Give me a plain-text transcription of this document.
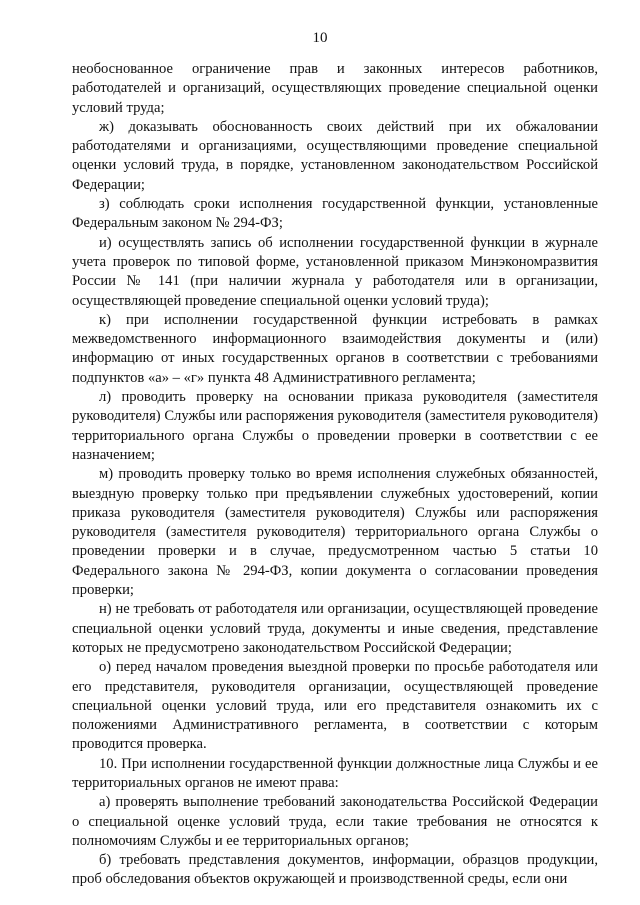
10

необоснованное ограничение прав и законных интересов работников, работодателей и организаций, осуществляющих проведение специальной оценки условий труда;

ж) доказывать обоснованность своих действий при их обжаловании работодателями и организациями, осуществляющими проведение специальной оценки условий труда, в порядке, установленном законодательством Российской Федерации;

з) соблюдать сроки исполнения государственной функции, установленные Федеральным законом № 294-ФЗ;

и) осуществлять запись об исполнении государственной функции в журнале учета проверок по типовой форме, установленной приказом Минэкономразвития России № 141 (при наличии журнала у работодателя или в организации, осуществляющей проведение специальной оценки условий труда);

к) при исполнении государственной функции истребовать в рамках межведомственного информационного взаимодействия документы и (или) информацию от иных государственных органов в соответствии с требованиями подпунктов «а» – «г» пункта 48 Административного регламента;

л) проводить проверку на основании приказа руководителя (заместителя руководителя) Службы или распоряжения руководителя (заместителя руководителя) территориального органа Службы о проведении проверки в соответствии с ее назначением;

м) проводить проверку только во время исполнения служебных обязанностей, выездную проверку только при предъявлении служебных удостоверений, копии приказа руководителя (заместителя руководителя) Службы или распоряжения руководителя (заместителя руководителя) территориального органа Службы о проведении проверки и в случае, предусмотренном частью 5 статьи 10 Федерального закона № 294-ФЗ, копии документа о согласовании проведения проверки;

н) не требовать от работодателя или организации, осуществляющей проведение специальной оценки условий труда, документы и иные сведения, представление которых не предусмотрено законодательством Российской Федерации;

о) перед началом проведения выездной проверки по просьбе работодателя или его представителя, руководителя организации, осуществляющей проведение специальной оценки условий труда, или его представителя ознакомить их с положениями Административного регламента, в соответствии с которым проводится проверка.

10. При исполнении государственной функции должностные лица Службы и ее территориальных органов не имеют права:

а) проверять выполнение требований законодательства Российской Федерации о специальной оценке условий труда, если такие требования не относятся к полномочиям Службы и ее территориальных органов;

б) требовать представления документов, информации, образцов продукции, проб обследования объектов окружающей и производственной среды, если они
